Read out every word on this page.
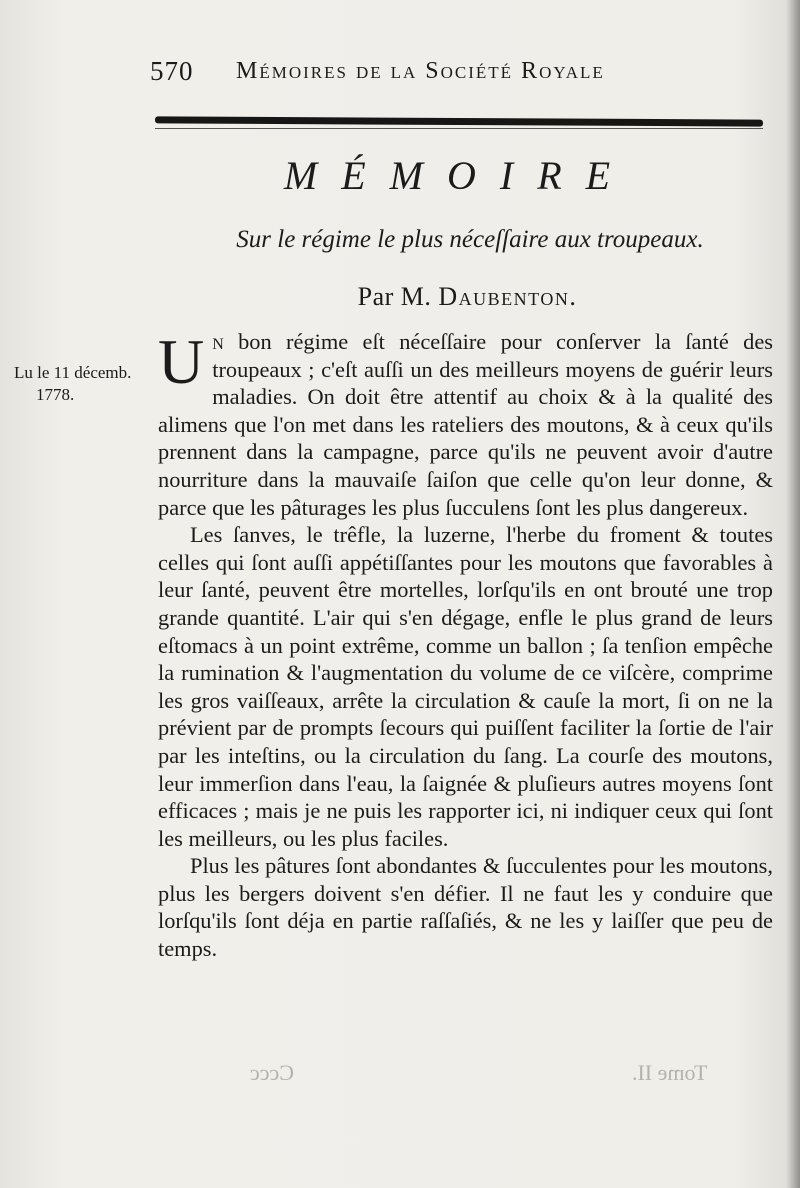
570 Mémoires de la Société Royale
MÉMOIRE
Sur le régime le plus néceſſaire aux troupeaux.
Par M. Daubenton.
Lu le 11 décemb.
1778.	Un bon régime eſt néceſſaire pour conſerver la ſanté des troupeaux ; c'eſt auſſi un des meilleurs moyens de guérir leurs maladies. On doit être attentif au choix & à la qualité des alimens que l'on met dans les rateliers des moutons, & à ceux qu'ils prennent dans la campagne, parce qu'ils ne peuvent avoir d'autre nourriture dans la mauvaiſe ſaiſon que celle qu'on leur donne, & parce que les pâturages les plus ſucculens ſont les plus dangereux.

Les ſanves, le trêfle, la luzerne, l'herbe du froment & toutes celles qui ſont auſſi appétiſſantes pour les moutons que favorables à leur ſanté, peuvent être mortelles, lorſqu'ils en ont brouté une trop grande quantité. L'air qui s'en dégage, enfle le plus grand de leurs eſtomacs à un point extrême, comme un ballon ; ſa tenſion empêche la rumination & l'augmentation du volume de ce viſcère, comprime les gros vaiſſeaux, arrête la circulation & cauſe la mort, ſi on ne la prévient par de prompts ſecours qui puiſſent faciliter la ſortie de l'air par les inteſtins, ou la circulation du ſang. La courſe des moutons, leur immerſion dans l'eau, la ſaignée & pluſieurs autres moyens ſont efficaces ; mais je ne puis les rapporter ici, ni indiquer ceux qui ſont les meilleurs, ou les plus faciles.

Plus les pâtures ſont abondantes & ſucculentes pour les moutons, plus les bergers doivent s'en défier. Il ne faut les y conduire que lorſqu'ils ſont déja en partie raſſaſiés, & ne les y laiſſer que peu de temps.

Cccc	Tome II.
